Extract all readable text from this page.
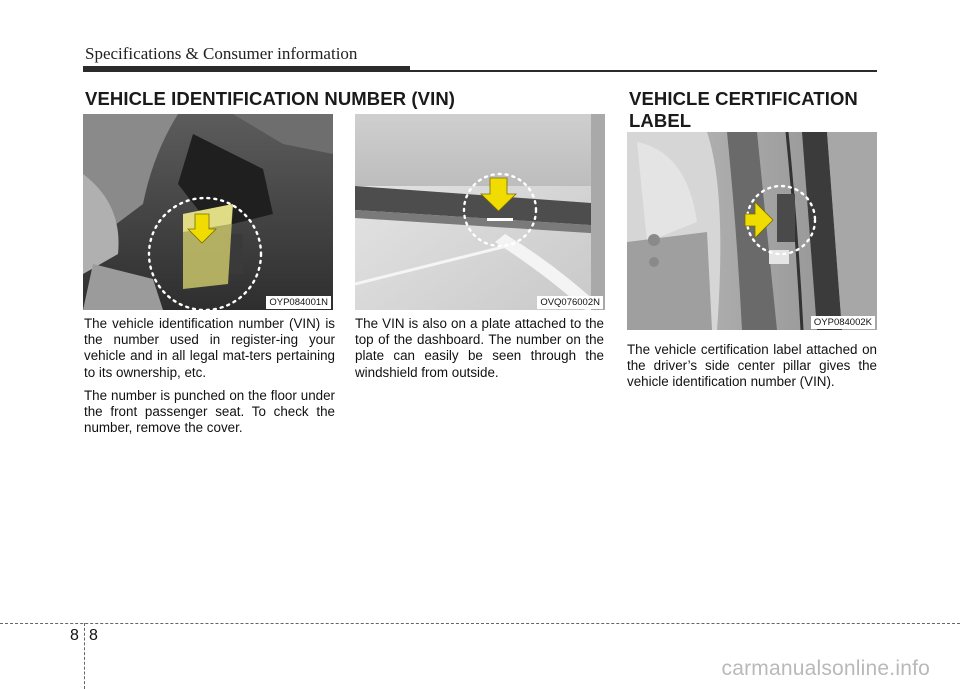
Specifications & Consumer information
VEHICLE IDENTIFICATION NUMBER (VIN)	VEHICLE CERTIFICATION
LABEL
OYP084001N	OVQ076002N
OYP084002K

The vehicle identification number (VIN) is the number used in register-ing your vehicle and in all legal mat-ters pertaining to its ownership, etc.

The number is punched on the floor under the front passenger seat. To check the number, remove the cover.

The VIN is also on a plate attached to the top of the dashboard. The number on the plate can easily be seen through the windshield from outside.

The vehicle certification label attached on the driver’s side center pillar gives the vehicle identification number (VIN).

8 8
carmanualsonline.info
